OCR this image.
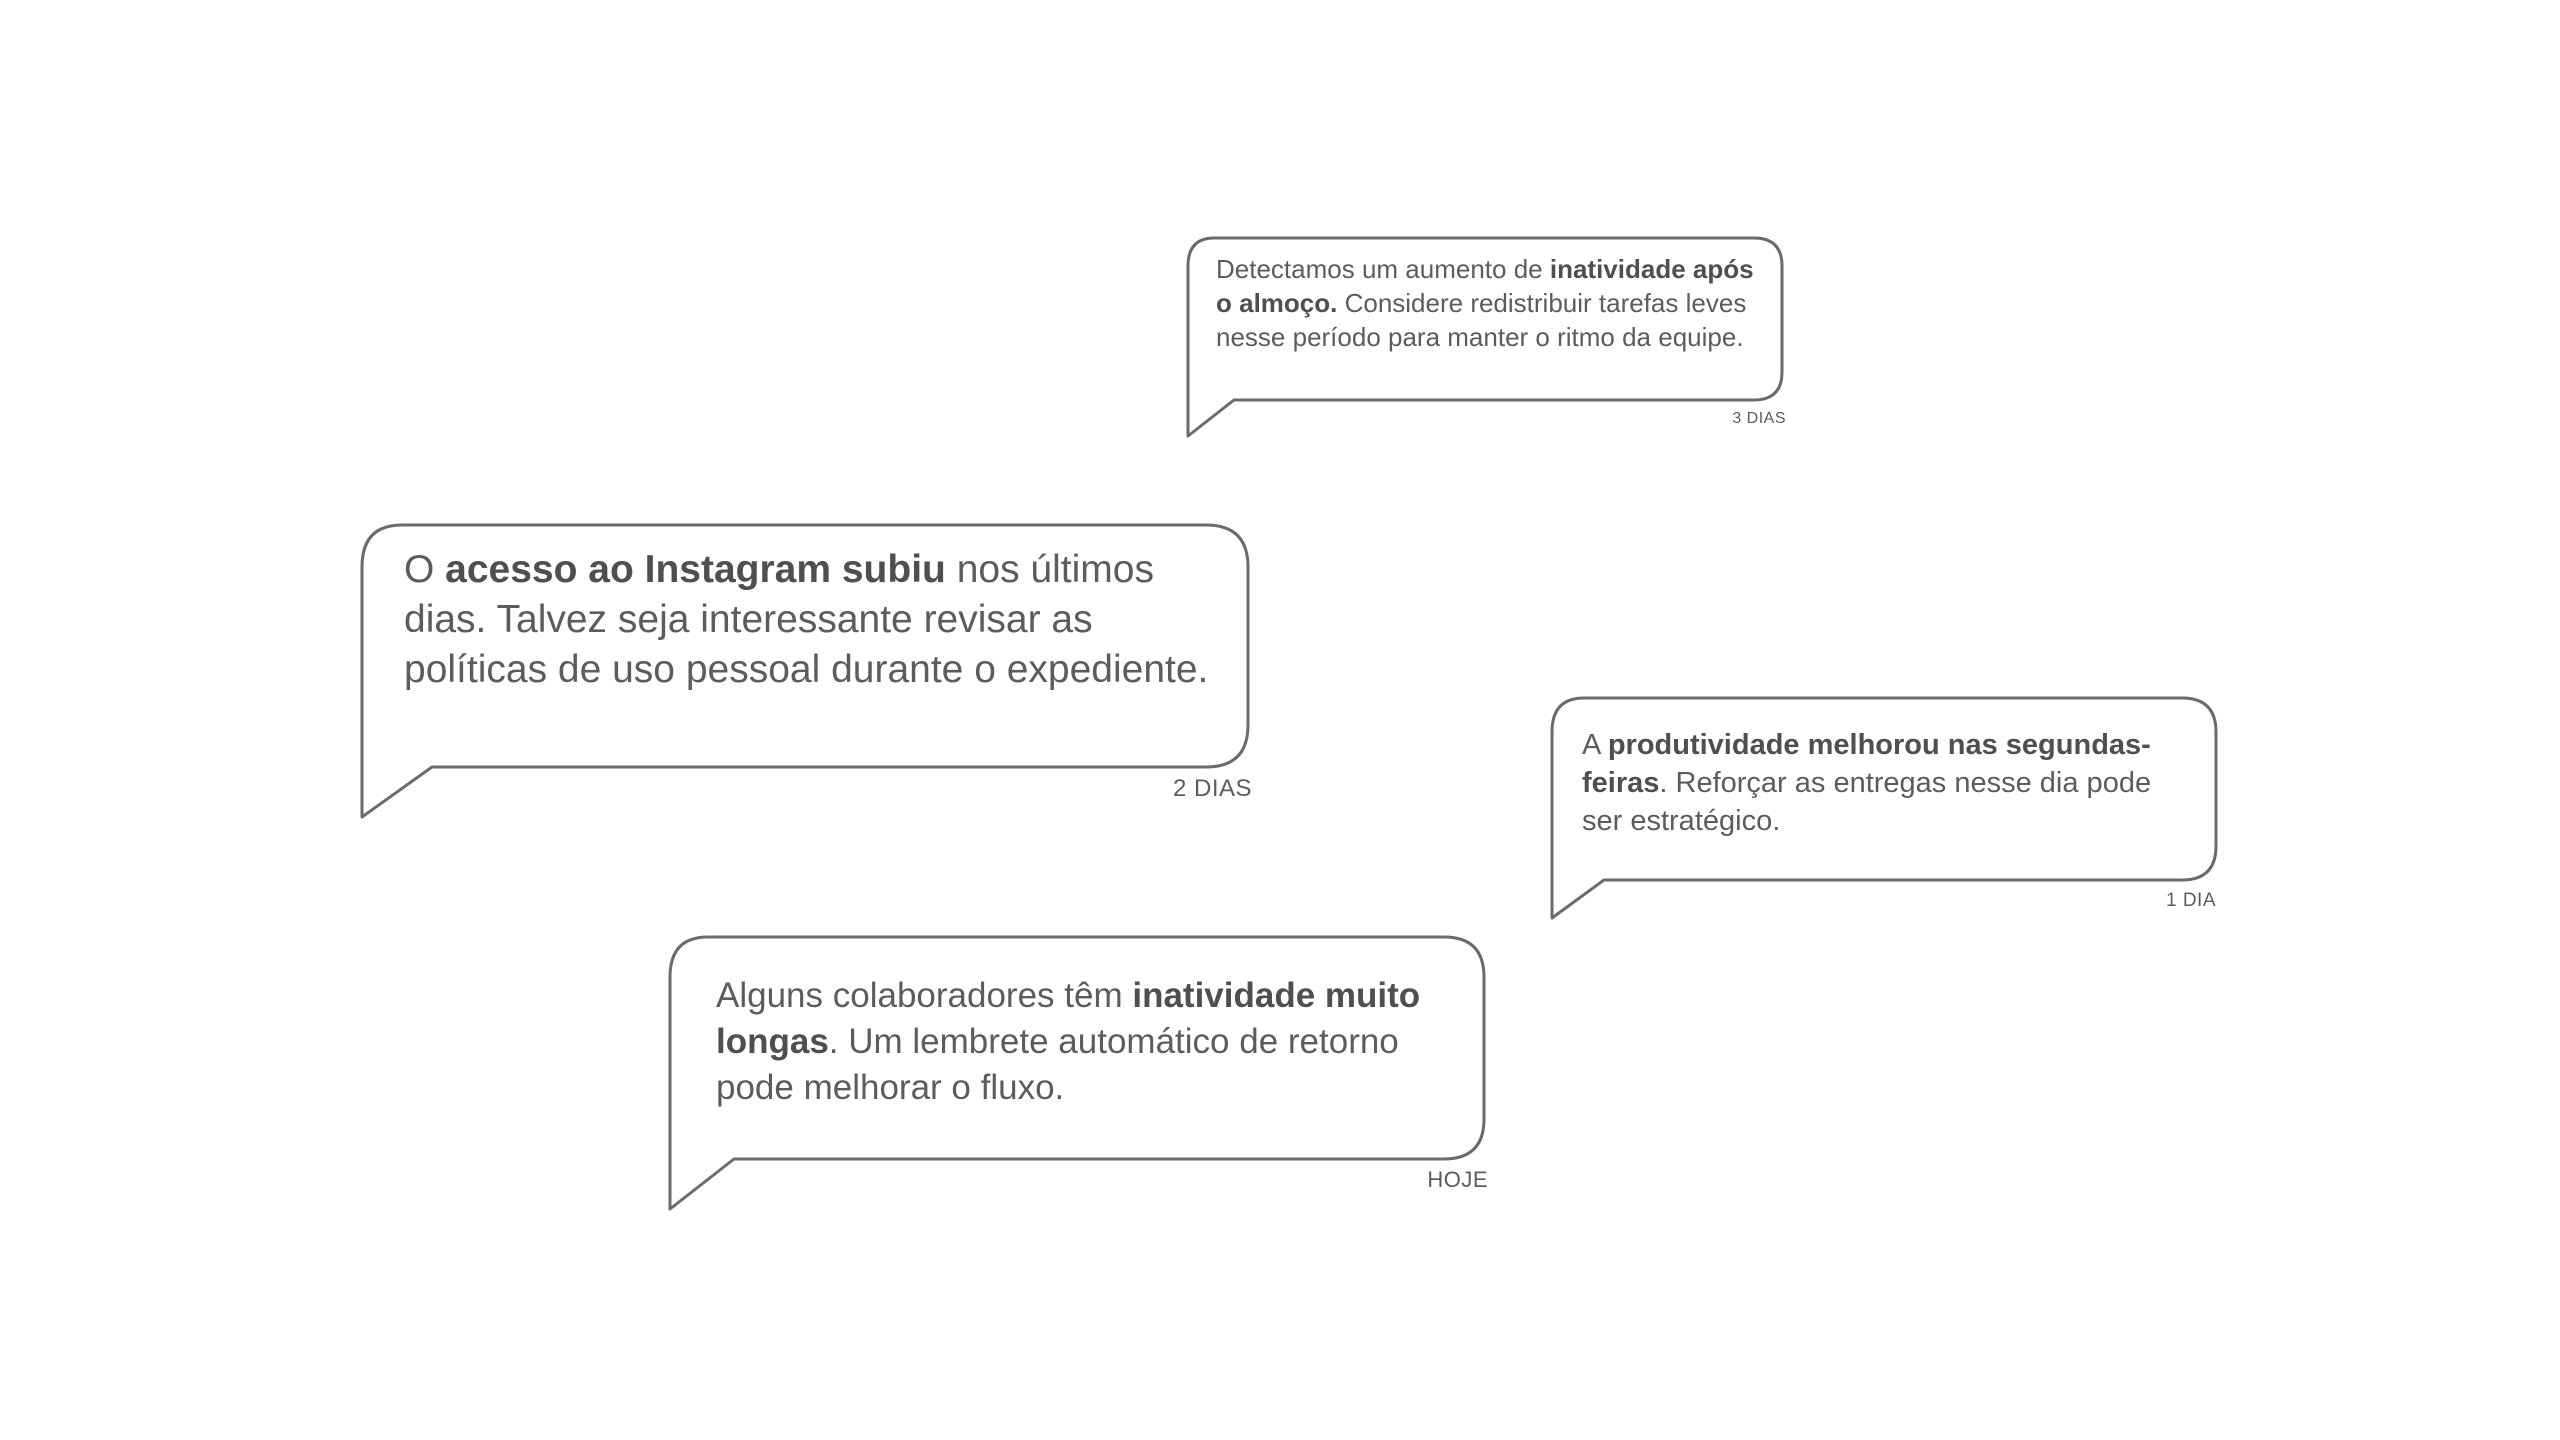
Detectamos um aumento de inatividade após o almoço. Considere redistribuir tarefas leves nesse período para manter o ritmo da equipe.

3 DIAS

O acesso ao Instagram subiu nos últimos dias. Talvez seja interessante revisar as políticas de uso pessoal durante o expediente.

2 DIAS

A produtividade melhorou nas segundas-feiras. Reforçar as entregas nesse dia pode ser estratégico.

1 DIA

Alguns colaboradores têm inatividade muito longas. Um lembrete automático de retorno pode melhorar o fluxo.

HOJE
